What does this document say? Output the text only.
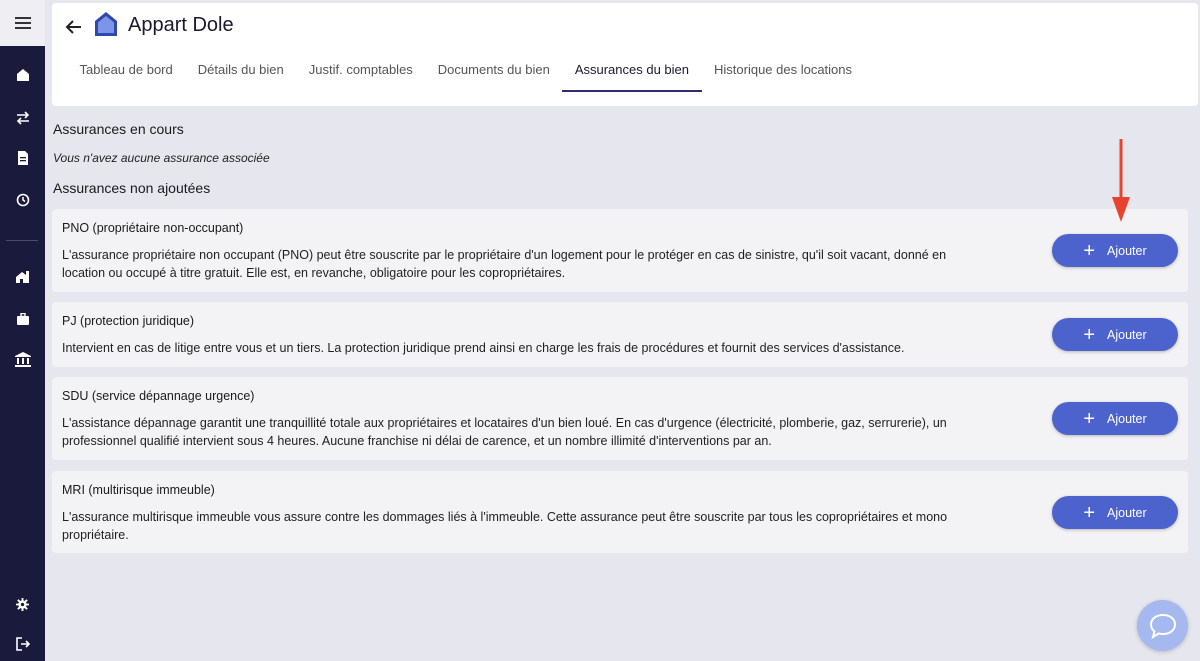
Appart Dole
Tableau de bord	Détails du bien	Justif. comptables	Documents du bien	Assurances du bien	Historique des locations
Assurances en cours
Vous n'avez aucune assurance associée
Assurances non ajoutées
PNO (propriétaire non-occupant)
L'assurance propriétaire non occupant (PNO) peut être souscrite par le propriétaire d'un logement pour le protéger en cas de sinistre, qu'il soit vacant, donné en location ou occupé à titre gratuit. Elle est, en revanche, obligatoire pour les copropriétaires.
+ Ajouter
PJ (protection juridique)
Intervient en cas de litige entre vous et un tiers. La protection juridique prend ainsi en charge les frais de procédures et fournit des services d'assistance.
+ Ajouter
SDU (service dépannage urgence)
L'assistance dépannage garantit une tranquillité totale aux propriétaires et locataires d'un bien loué. En cas d'urgence (électricité, plomberie, gaz, serrurerie), un professionnel qualifié intervient sous 4 heures. Aucune franchise ni délai de carence, et un nombre illimité d'interventions par an.
+ Ajouter
MRI (multirisque immeuble)
L'assurance multirisque immeuble vous assure contre les dommages liés à l'immeuble. Cette assurance peut être souscrite par tous les copropriétaires et mono propriétaire.
+ Ajouter
